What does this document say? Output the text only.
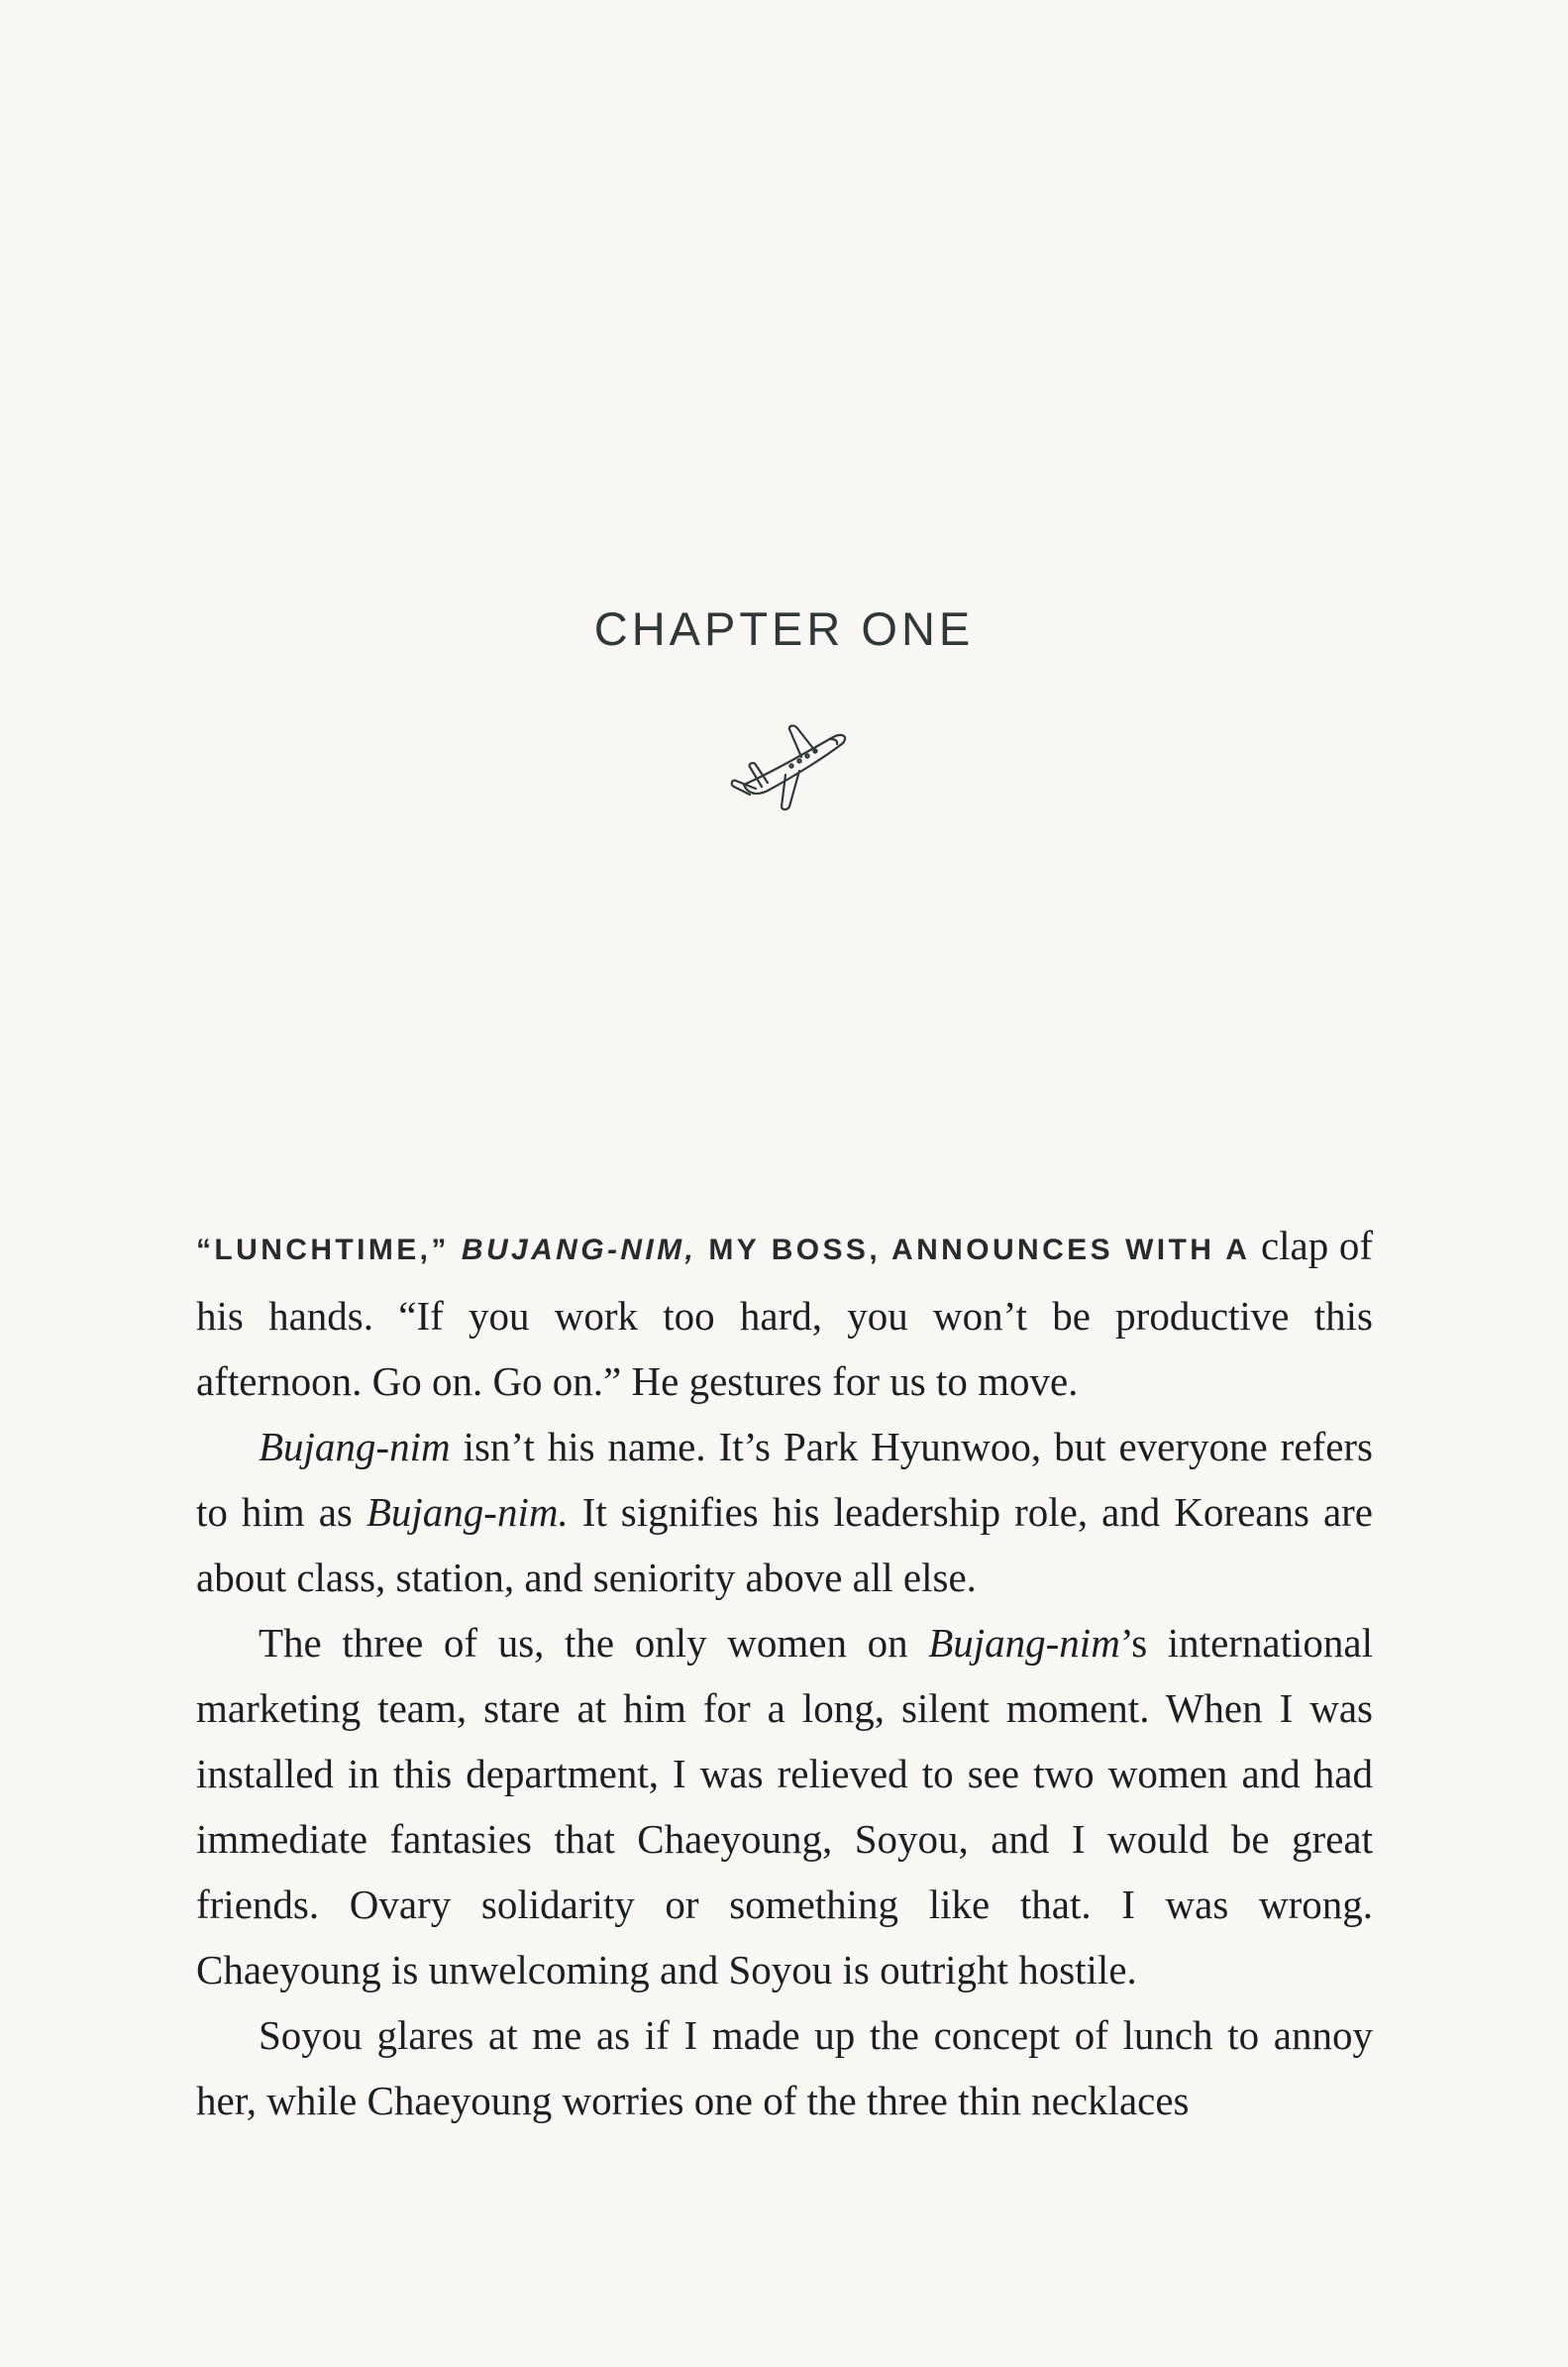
CHAPTER ONE

“LUNCHTIME,” BUJANG-NIM, MY BOSS, ANNOUNCES WITH A clap of his hands. “If you work too hard, you won’t be productive this afternoon. Go on. Go on.” He gestures for us to move.

Bujang-nim isn’t his name. It’s Park Hyunwoo, but everyone refers to him as Bujang-nim. It signifies his leadership role, and Koreans are about class, station, and seniority above all else.

The three of us, the only women on Bujang-nim’s international marketing team, stare at him for a long, silent moment. When I was installed in this department, I was relieved to see two women and had immediate fantasies that Chaeyoung, Soyou, and I would be great friends. Ovary solidarity or something like that. I was wrong. Chaeyoung is unwelcoming and Soyou is outright hostile.

Soyou glares at me as if I made up the concept of lunch to annoy her, while Chaeyoung worries one of the three thin necklaces
